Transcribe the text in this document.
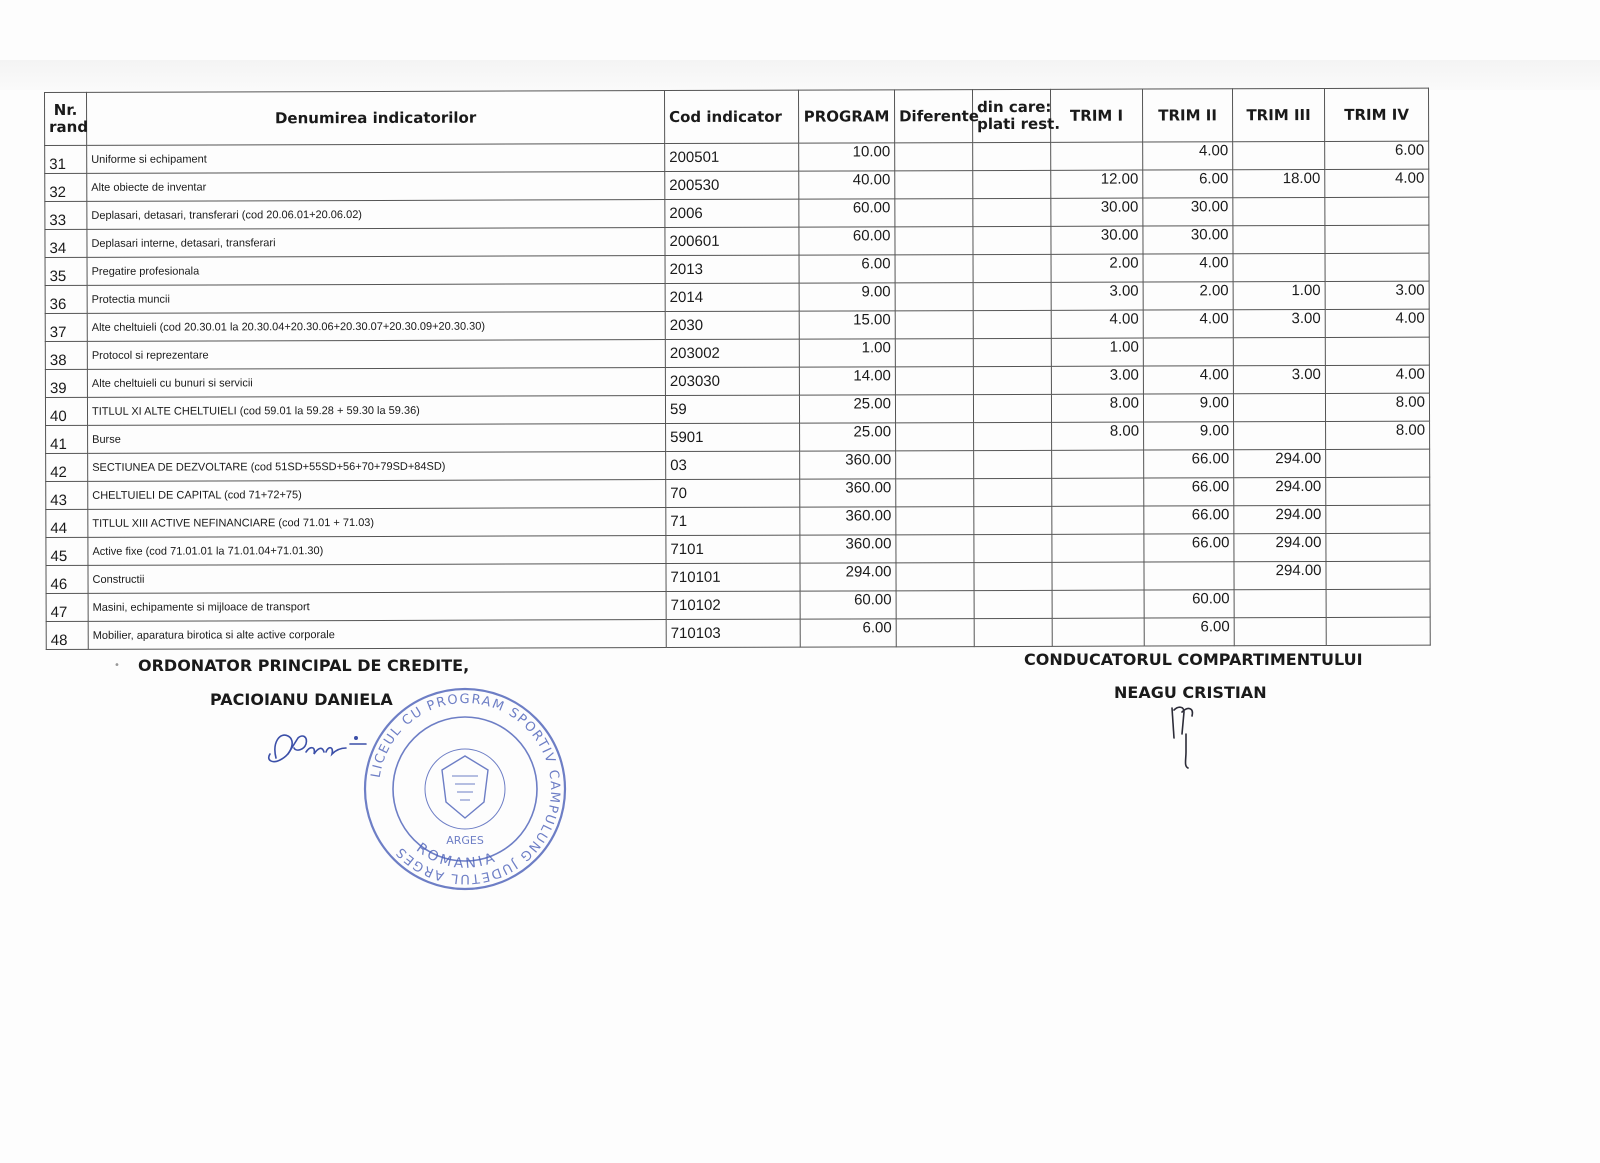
Nr.
rand	Denumirea indicatorilor	Cod indicator	PROGRAM	Diferente	din care:
plati rest.	TRIM I	TRIM II	TRIM III	TRIM IV
31	Uniforme si echipament	200501	10.00				4.00		6.00
32	Alte obiecte de inventar	200530	40.00			12.00	6.00	18.00	4.00
33	Deplasari, detasari, transferari (cod 20.06.01+20.06.02)	2006	60.00			30.00	30.00		
34	Deplasari interne, detasari, transferari	200601	60.00			30.00	30.00		
35	Pregatire profesionala	2013	6.00			2.00	4.00		
36	Protectia muncii	2014	9.00			3.00	2.00	1.00	3.00
37	Alte cheltuieli (cod 20.30.01 la 20.30.04+20.30.06+20.30.07+20.30.09+20.30.30)	2030	15.00			4.00	4.00	3.00	4.00
38	Protocol si reprezentare	203002	1.00			1.00			
39	Alte cheltuieli cu bunuri si servicii	203030	14.00			3.00	4.00	3.00	4.00
40	TITLUL XI ALTE CHELTUIELI (cod 59.01 la 59.28 + 59.30 la 59.36)	59	25.00			8.00	9.00		8.00
41	Burse	5901	25.00			8.00	9.00		8.00
42	SECTIUNEA DE DEZVOLTARE (cod 51SD+55SD+56+70+79SD+84SD)	03	360.00				66.00	294.00	
43	CHELTUIELI DE CAPITAL (cod 71+72+75)	70	360.00				66.00	294.00	
44	TITLUL XIII ACTIVE NEFINANCIARE (cod 71.01 + 71.03)	71	360.00				66.00	294.00	
45	Active fixe (cod 71.01.01 la 71.01.04+71.01.30)	7101	360.00				66.00	294.00	
46	Constructii	710101	294.00					294.00	
47	Masini, echipamente si mijloace de transport	710102	60.00				60.00		
48	Mobilier, aparatura birotica si alte active corporale	710103	6.00				6.00		
• ORDONATOR PRINCIPAL DE CREDITE,
PACIOIANU DANIELA
CONDUCATORUL COMPARTIMENTULUI
NEAGU CRISTIAN
LICEUL CU PROGRAM SPORTIV CAMPULUNG JUDETUL ARGES ROMANIA
ARGES
